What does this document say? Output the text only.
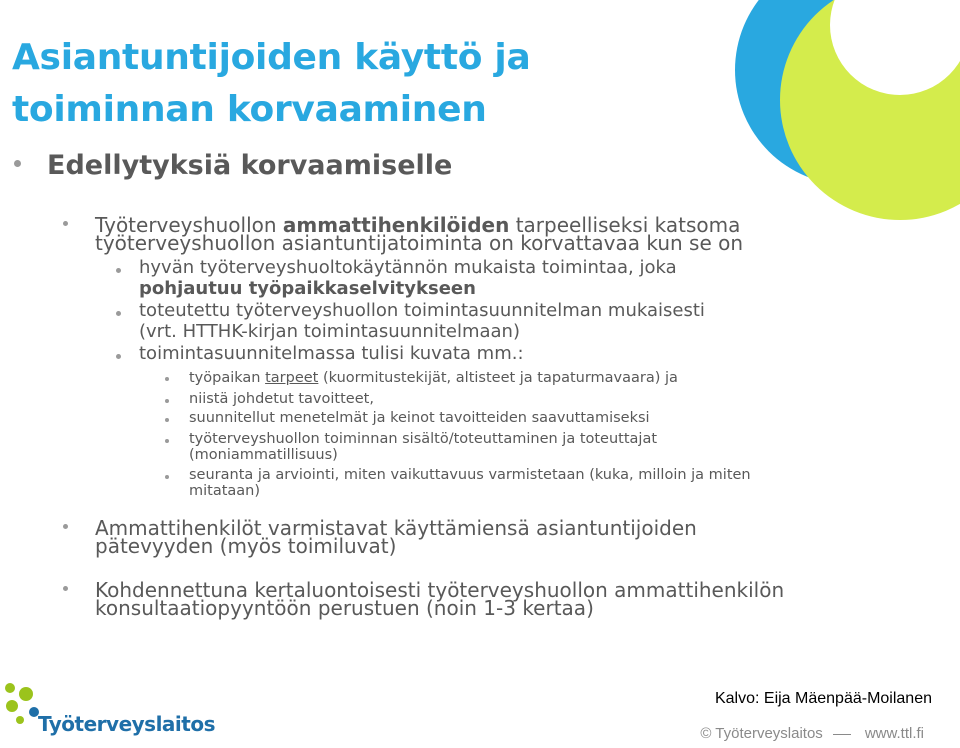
Asiantuntijoiden käyttö ja
toiminnan korvaaminen
Edellytyksiä korvaamiselle
Työterveyshuollon ammattihenkilöiden tarpeelliseksi katsoma
työterveyshuollon asiantuntijatoiminta on korvattavaa kun se on
hyvän työterveyshuoltokäytännön mukaista toimintaa, joka
pohjautuu työpaikkaselvitykseen
toteutettu työterveyshuollon toimintasuunnitelman mukaisesti
(vrt. HTTHK-kirjan toimintasuunnitelmaan)
toimintasuunnitelmassa tulisi kuvata mm.:
työpaikan tarpeet (kuormitustekijät, altisteet ja tapaturmavaara) ja
niistä johdetut tavoitteet,
suunnitellut menetelmät ja keinot tavoitteiden saavuttamiseksi
työterveyshuollon toiminnan sisältö/toteuttaminen ja toteuttajat
(moniammatillisuus)
seuranta ja arviointi, miten vaikuttavuus varmistetaan (kuka, milloin ja miten
mitataan)
Ammattihenkilöt varmistavat käyttämiensä asiantuntijoiden
pätevyyden (myös toimiluvat)
Kohdennettuna kertaluontoisesti työterveyshuollon ammattihenkilön
konsultaatiopyyntöön perustuen (noin 1-3 kertaa)
Työterveyslaitos
Kalvo: Eija Mäenpää-Moilanen
© Työterveyslaitos	www.ttl.fi
